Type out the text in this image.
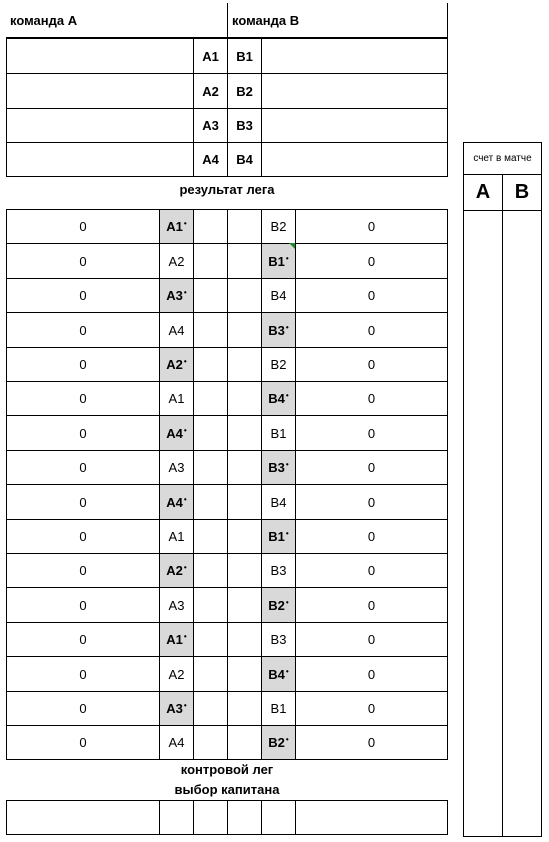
команда A	команда B
A1	B1
A2	B2
A3	B3
A4	B4
результат лега
0	A1 •	B2	0
0	A2	B1 •	0
0	A3 •	B4	0
0	A4	B3 •	0
0	A2 •	B2	0
0	A1	B4 •	0
0	A4 •	B1	0
0	A3	B3 •	0
0	A4 •	B4	0
0	A1	B1 •	0
0	A2 •	B3	0
0	A3	B2 •	0
0	A1 •	B3	0
0	A2	B4 •	0
0	A3 •	B1	0
0	A4	B2 •	0
контровой лег
выбор капитана
счет в матче
A	B
